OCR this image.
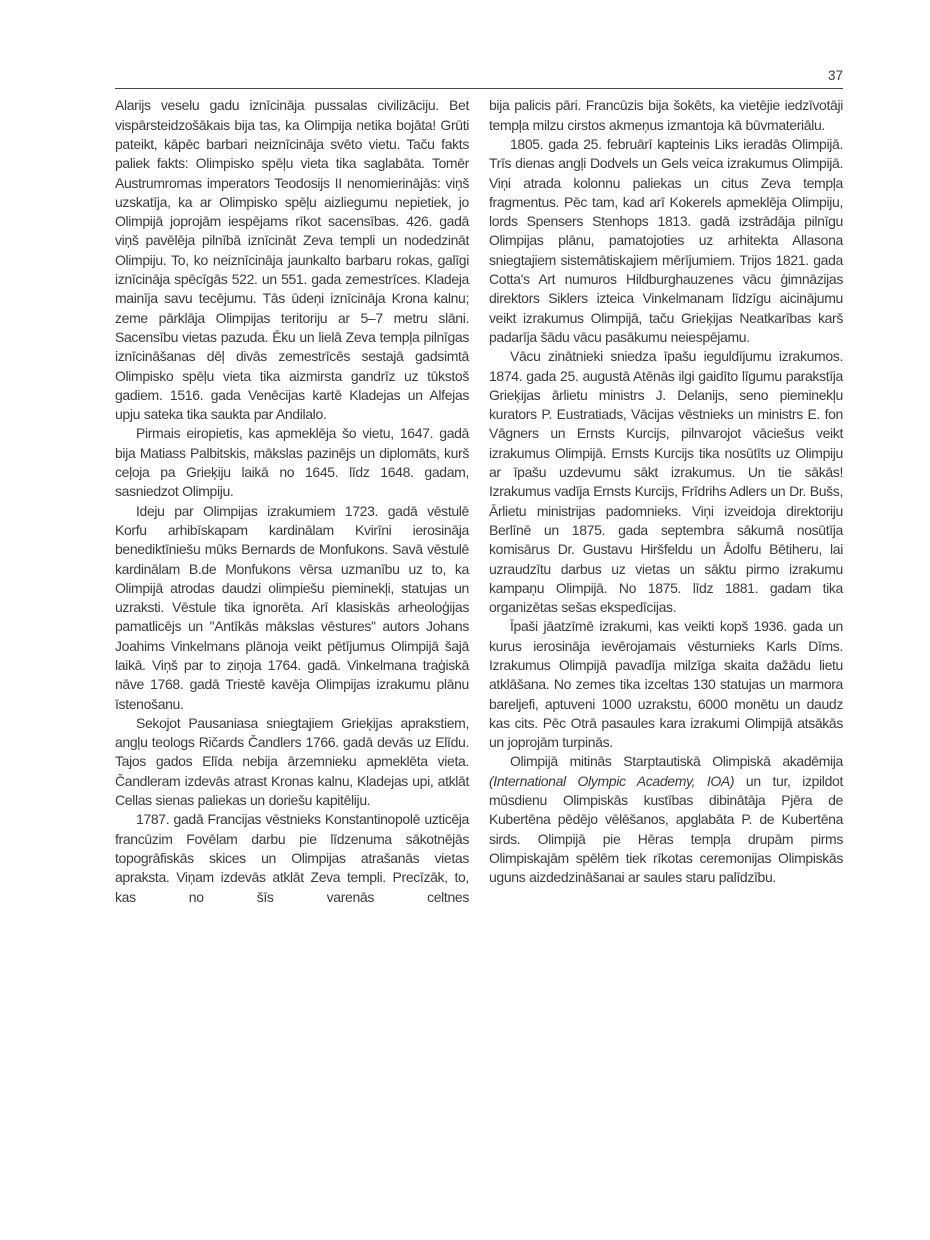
37

Alarijs veselu gadu iznīcināja pussalas civilizāciju. Bet vispārsteidzošākais bija tas, ka Olimpija netika bojāta! Grūti pateikt, kāpēc barbari neiznīcināja svēto vietu. Taču fakts paliek fakts: Olimpisko spēļu vieta tika saglabāta. Tomēr Austrumromas imperators Teodosijs II nenomierinājās: viņš uzskatīja, ka ar Olimpisko spēļu aizliegumu nepietiek, jo Olimpijā joprojām iespējams rīkot sacensības. 426. gadā viņš pavēlēja pilnībā iznīcināt Zeva templi un nodedzināt Olimpiju. To, ko neiznīcināja jaunkalto barbaru rokas, galīgi iznīcināja spēcīgās 522. un 551. gada zemestrīces. Kladeja mainīja savu tecējumu. Tās ūdeņi iznīcināja Krona kalnu; zeme pārklāja Olimpijas teritoriju ar 5–7 metru slāni. Sacensību vietas pazuda. Ēku un lielā Zeva tempļa pilnīgas iznīcināšanas dēļ divās zemestrīcēs sestajā gadsimtā Olimpisko spēļu vieta tika aizmirsta gandrīz uz tūkstoš gadiem. 1516. gada Venēcijas kartē Kladejas un Alfejas upju sateka tika saukta par Andilalo.

Pirmais eiropietis, kas apmeklēja šo vietu, 1647. gadā bija Matiass Palbitskis, mākslas pazinējs un diplomāts, kurš ceļoja pa Grieķiju laikā no 1645. līdz 1648. gadam, sasniedzot Olimpiju.

Ideju par Olimpijas izrakumiem 1723. gadā vēstulē Korfu arhibīskapam kardinālam Kvirīni ierosināja benediktīniešu mūks Bernards de Monfukons. Savā vēstulē kardinālam B.de Monfukons vērsa uzmanību uz to, ka Olimpijā atrodas daudzi olimpiešu pieminekļi, statujas un uzraksti. Vēstule tika ignorēta. Arī klasiskās arheoloģijas pamatlicējs un "Antīkās mākslas vēstures" autors Johans Joahims Vinkelmans plānoja veikt pētījumus Olimpijā šajā laikā. Viņš par to ziņoja 1764. gadā. Vinkelmana traģiskā nāve 1768. gadā Triestē kavēja Olimpijas izrakumu plānu īstenošanu.

Sekojot Pausaniasa sniegtajiem Grieķijas aprakstiem, angļu teologs Ričards Čandlers 1766. gadā devās uz Elīdu. Tajos gados Elīda nebija ārzemnieku apmeklēta vieta. Čandleram izdevās atrast Kronas kalnu, Kladejas upi, atklāt Cellas sienas paliekas un doriešu kapitēliju.

1787. gadā Francijas vēstnieks Konstantinopolē uzticēja francūzim Fovēlam darbu pie līdzenuma sākotnējās topogrāfiskās skices un Olimpijas atrašanās vietas apraksta. Viņam izdevās atklāt Zeva templi. Precīzāk, to, kas no šīs varenās celtnes

bija palicis pāri. Francūzis bija šokēts, ka vietējie iedzīvotāji tempļa milzu cirstos akmeņus izmantoja kā būvmateriālu.

1805. gada 25. februārī kapteinis Liks ieradās Olimpijā. Trīs dienas angļi Dodvels un Gels veica izrakumus Olimpijā. Viņi atrada kolonnu paliekas un citus Zeva tempļa fragmentus. Pēc tam, kad arī Kokerels apmeklēja Olimpiju, lords Spensers Stenhops 1813. gadā izstrādāja pilnīgu Olimpijas plānu, pamatojoties uz arhitekta Allasona sniegtajiem sistemātiskajiem mērījumiem. Trijos 1821. gada Cotta's Art numuros Hildburghauzenes vācu ģimnāzijas direktors Siklers izteica Vinkelmanam līdzīgu aicinājumu veikt izrakumus Olimpijā, taču Grieķijas Neatkarības karš padarīja šādu vācu pasākumu neiespējamu.

Vācu zinātnieki sniedza īpašu ieguldījumu izrakumos. 1874. gada 25. augustā Atēnās ilgi gaidīto līgumu parakstīja Grieķijas ārlietu ministrs J. Delanijs, seno pieminekļu kurators P. Eustratiads, Vācijas vēstnieks un ministrs E. fon Vāgners un Ernsts Kurcijs, pilnvarojot vāciešus veikt izrakumus Olimpijā. Ernsts Kurcijs tika nosūtīts uz Olimpiju ar īpašu uzdevumu sākt izrakumus. Un tie sākās! Izrakumus vadīja Ernsts Kurcijs, Frīdrihs Adlers un Dr. Bušs, Ārlietu ministrijas padomnieks. Viņi izveidoja direktoriju Berlīnē un 1875. gada septembra sākumā nosūtīja komisārus Dr. Gustavu Hiršfeldu un Ādolfu Bētiheru, lai uzraudzītu darbus uz vietas un sāktu pirmo izrakumu kampaņu Olimpijā. No 1875. līdz 1881. gadam tika organizētas sešas ekspedīcijas.

Īpaši jāatzīmē izrakumi, kas veikti kopš 1936. gada un kurus ierosināja ievērojamais vēsturnieks Karls Dīms. Izrakumus Olimpijā pavadīja milzīga skaita dažādu lietu atklāšana. No zemes tika izceltas 130 statujas un marmora bareljefi, aptuveni 1000 uzrakstu, 6000 monētu un daudz kas cits. Pēc Otrā pasaules kara izrakumi Olimpijā atsākās un joprojām turpinās.

Olimpijā mitinās Starptautiskā Olimpiskā akadēmija (International Olympic Academy, IOA) un tur, izpildot mūsdienu Olimpiskās kustības dibinātāja Pjēra de Kubertēna pēdējo vēlēšanos, apglabāta P. de Kubertēna sirds. Olimpijā pie Hēras tempļa drupām pirms Olimpiskajām spēlēm tiek rīkotas ceremonijas Olimpiskās uguns aizdedzināšanai ar saules staru palīdzību.
